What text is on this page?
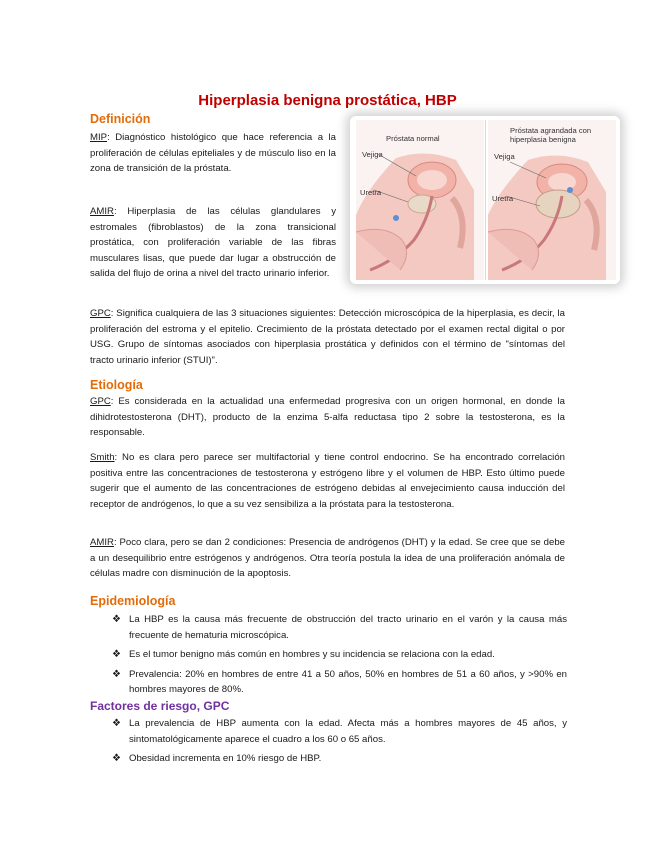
Hiperplasia benigna prostática, HBP
Definición
MIP: Diagnóstico histológico que hace referencia a la proliferación de células epiteliales y de músculo liso en la zona de transición de la próstata.
AMIR: Hiperplasia de las células glandulares y estromales (fibroblastos) de la zona transicional prostática, con proliferación variable de las fibras musculares lisas, que puede dar lugar a obstrucción de salida del flujo de orina a nivel del tracto urinario inferior.
Próstata normal
Vejiga
Uretra
Próstata agrandada con
hiperplasia benigna
Vejiga
Uretra
GPC: Significa cualquiera de las 3 situaciones siguientes: Detección microscópica de la hiperplasia, es decir, la proliferación del estroma y el epitelio. Crecimiento de la próstata detectado por el examen rectal digital o por USG. Grupo de síntomas asociados con hiperplasia prostática y definidos con el término de "síntomas del tracto urinario inferior (STUI)".
Etiología
GPC: Es considerada en la actualidad una enfermedad progresiva con un origen hormonal, en donde la dihidrotestosterona (DHT), producto de la enzima 5-alfa reductasa tipo 2 sobre la testosterona, es la responsable.
Smith: No es clara pero parece ser multifactorial y tiene control endocrino. Se ha encontrado correlación positiva entre las concentraciones de testosterona y estrógeno libre y el volumen de HBP. Esto último puede sugerir que el aumento de las concentraciones de estrógeno debidas al envejecimiento causa inducción del receptor de andrógenos, lo que a su vez sensibiliza a la próstata para la testosterona.
AMIR: Poco clara, pero se dan 2 condiciones: Presencia de andrógenos (DHT) y la edad. Se cree que se debe a un desequilibrio entre estrógenos y andrógenos. Otra teoría postula la idea de una proliferación anómala de células madre con disminución de la apoptosis.
Epidemiología
❖ La HBP es la causa más frecuente de obstrucción del tracto urinario en el varón y la causa más frecuente de hematuria microscópica.
❖ Es el tumor benigno más común en hombres y su incidencia se relaciona con la edad.
❖ Prevalencia: 20% en hombres de entre 41 a 50 años, 50% en hombres de 51 a 60 años, y >90% en hombres mayores de 80%.
Factores de riesgo, GPC
❖ La prevalencia de HBP aumenta con la edad. Afecta más a hombres mayores de 45 años, y sintomatológicamente aparece el cuadro a los 60 o 65 años.
❖ Obesidad incrementa en 10% riesgo de HBP.
